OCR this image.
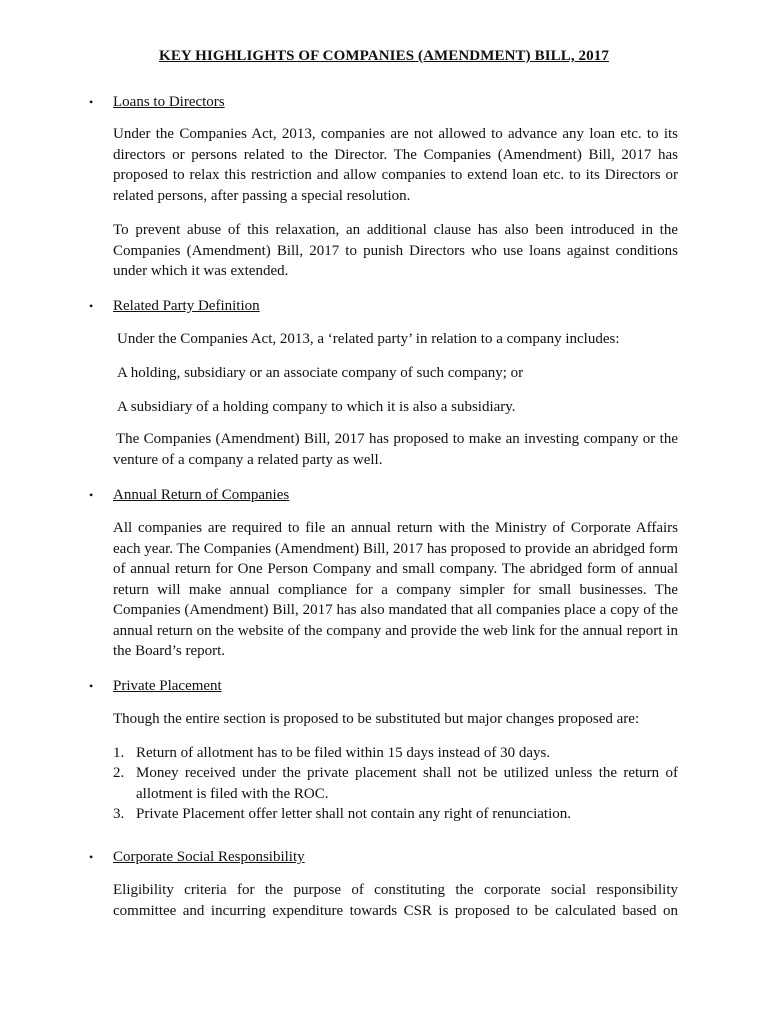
KEY HIGHLIGHTS OF COMPANIES (AMENDMENT) BILL, 2017
• Loans to Directors

Under the Companies Act, 2013, companies are not allowed to advance any loan etc. to its directors or persons related to the Director. The Companies (Amendment) Bill, 2017 has proposed to relax this restriction and allow companies to extend loan etc. to its Directors or related persons, after passing a special resolution.

To prevent abuse of this relaxation, an additional clause has also been introduced in the Companies (Amendment) Bill, 2017 to punish Directors who use loans against conditions under which it was extended.

• Related Party Definition

Under the Companies Act, 2013, a ‘related party’ in relation to a company includes:

A holding, subsidiary or an associate company of such company; or

A subsidiary of a holding company to which it is also a subsidiary.

The Companies (Amendment) Bill, 2017 has proposed to make an investing company or the venture of a company a related party as well.

• Annual Return of Companies

All companies are required to file an annual return with the Ministry of Corporate Affairs each year. The Companies (Amendment) Bill, 2017 has proposed to provide an abridged form of annual return for One Person Company and small company. The abridged form of annual return will make annual compliance for a company simpler for small businesses. The Companies (Amendment) Bill, 2017 has also mandated that all companies place a copy of the annual return on the website of the company and provide the web link for the annual report in the Board’s report.

• Private Placement

Though the entire section is proposed to be substituted but major changes proposed are:

1. Return of allotment has to be filed within 15 days instead of 30 days.
2. Money received under the private placement shall not be utilized unless the return of allotment is filed with the ROC.
3. Private Placement offer letter shall not contain any right of renunciation.
• Corporate Social Responsibility

Eligibility criteria for the purpose of constituting the corporate social responsibility committee and incurring expenditure towards CSR is proposed to be calculated based on
